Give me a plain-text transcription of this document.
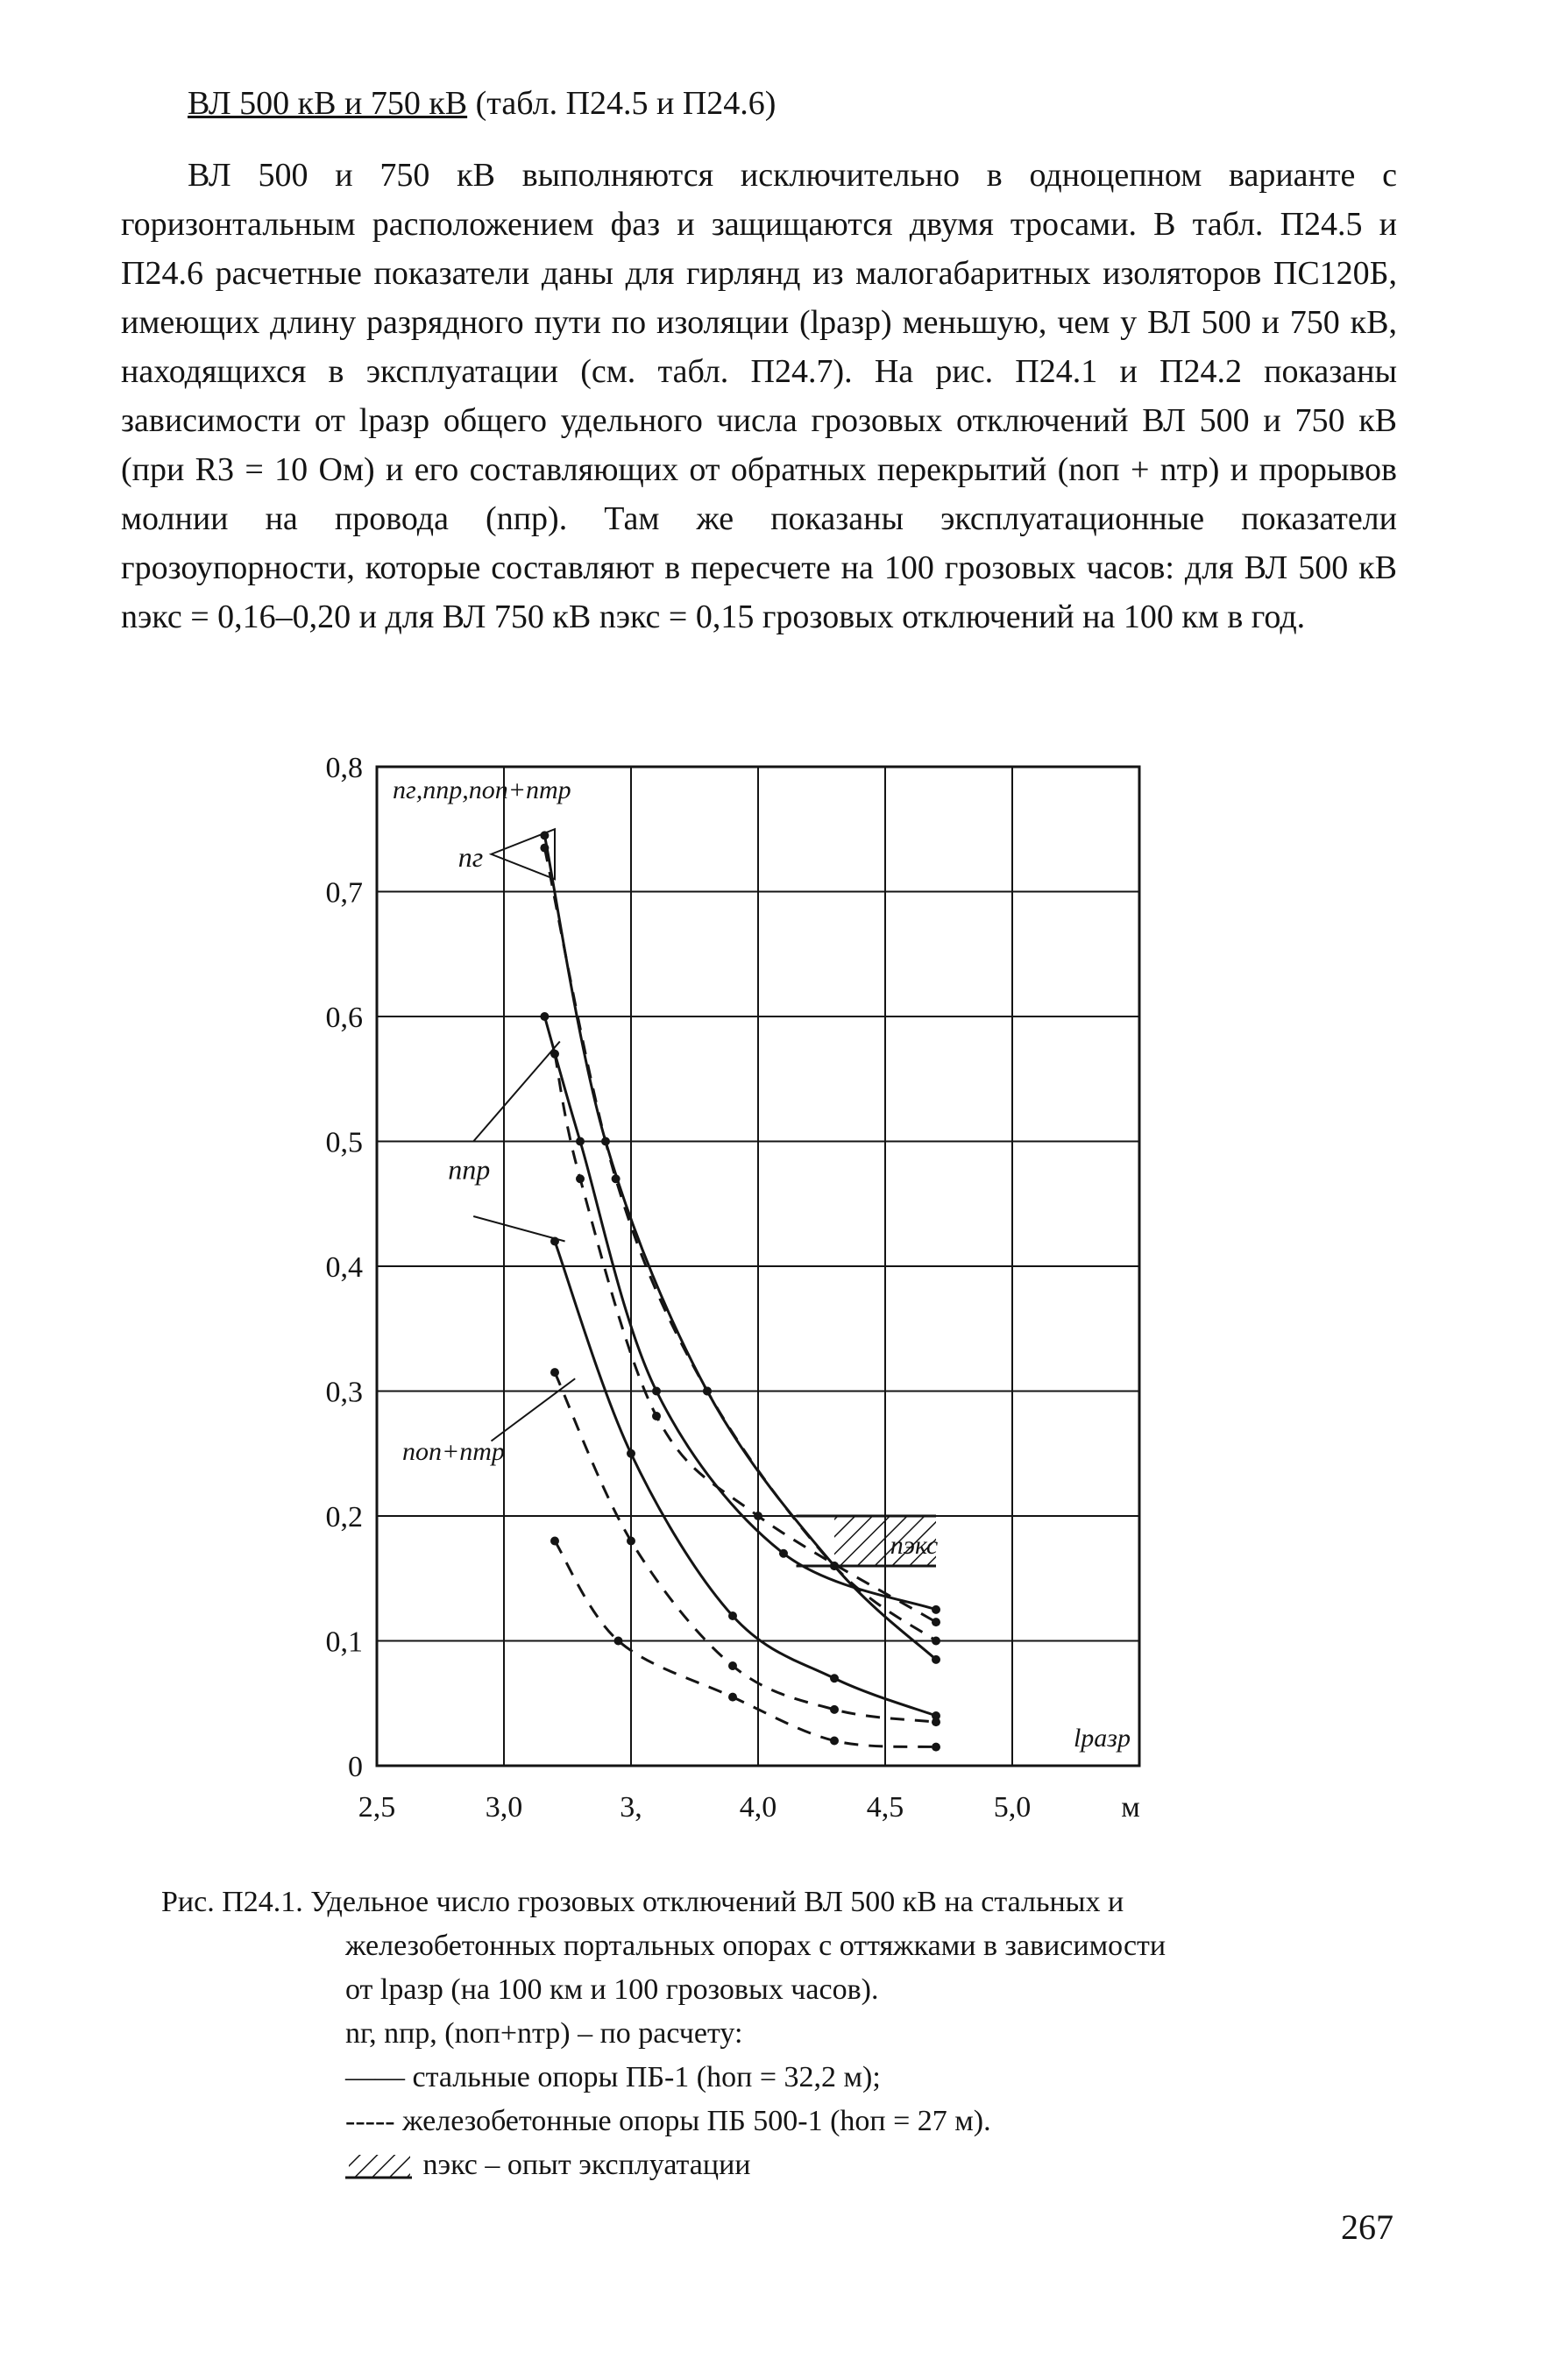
ВЛ 500 кВ и 750 кВ (табл. П24.5 и П24.6)

ВЛ 500 и 750 кВ выполняются исключительно в одноцепном варианте с горизонтальным расположением фаз и защищаются двумя тросами. В табл. П24.5 и П24.6 расчетные показатели даны для гирлянд из малогабаритных изоляторов ПС120Б, имеющих длину разрядного пути по изоляции (lразр) меньшую, чем у ВЛ 500 и 750 кВ, находящихся в эксплуатации (см. табл. П24.7). На рис. П24.1 и П24.2 показаны зависимости от lразр общего удельного числа грозовых отключений ВЛ 500 и 750 кВ (при R3 = 10 Ом) и его составляющих от обратных перекрытий (nоп + nтр) и прорывов молнии на провода (nпр). Там же показаны эксплуатационные показатели грозоупорности, которые составляют в пересчете на 100 грозовых часов: для ВЛ 500 кВ nэкс = 0,16–0,20 и для ВЛ 750 кВ nэкс = 0,15 грозовых отключений на 100 км в год.

0
0,1
0,2
0,3
0,4
0,5
0,6
0,7
0,8
2,5	3,0	3,	4,0	4,5	5,0	м
lразр
nг,nпр,nоп+nтр
nг
nпр
nоп+nтр
nэкс
Рис. П24.1. Удельное число грозовых отключений ВЛ 500 кВ на стальных и
железобетонных портальных опорах с оттяжками в зависимости
от lразр (на 100 км и 100 грозовых часов).
nг, nпр, (nоп+nтр) – по расчету:
—— стальные опоры ПБ-1 (hоп = 32,2 м);
----- железобетонные опоры ПБ 500-1 (hоп = 27 м).
nэкс – опыт эксплуатации
267
